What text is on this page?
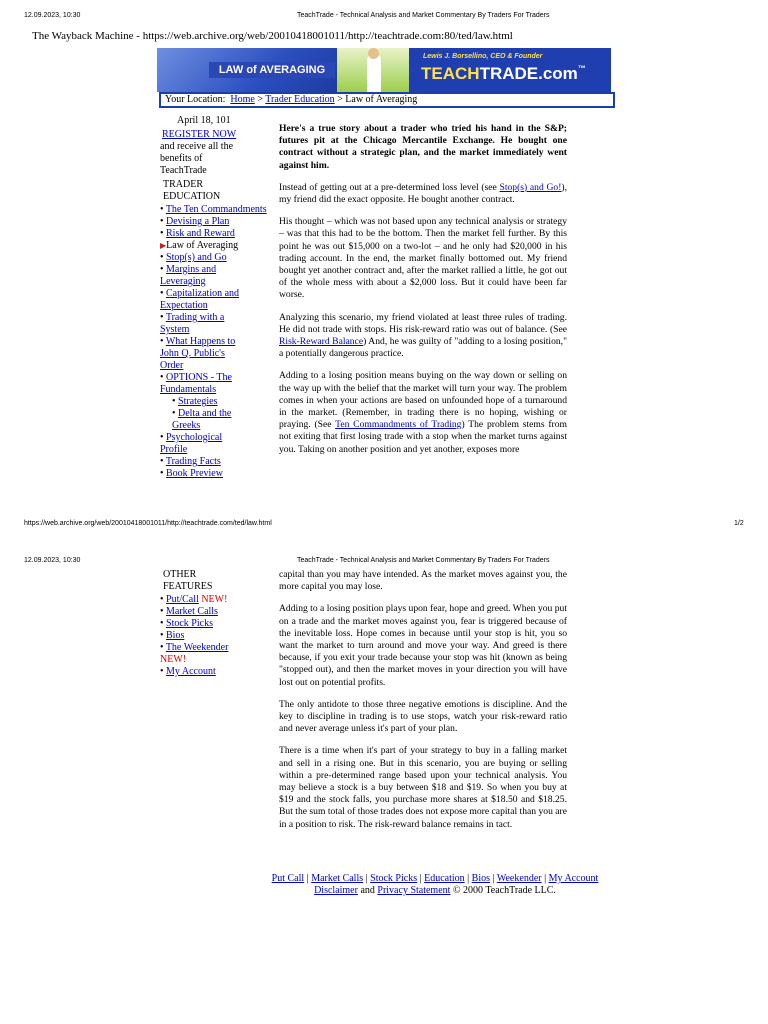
12.09.2023, 10:30	TeachTrade - Technical Analysis and Market Commentary By Traders For Traders
The Wayback Machine - https://web.archive.org/web/20010418001011/http://teachtrade.com:80/ted/law.html
LAW of AVERAGING
Lewis J. Borsellino, CEO & Founder
TEACHTRADE.com™
Your Location: Home > Trader Education > Law of Averaging
April 18, 101
REGISTER NOW
and receive all the benefits of TeachTrade
TRADER EDUCATION
• The Ten Commandments
• Devising a Plan
• Risk and Reward
▶Law of Averaging
• Stop(s) and Go
• Margins and Leveraging
• Capitalization and Expectation
• Trading with a System
• What Happens to John Q. Public's Order
• OPTIONS - The Fundamentals
• Strategies
• Delta and the Greeks
• Psychological Profile
• Trading Facts
• Book Preview

Here's a true story about a trader who tried his hand in the S&P; futures pit at the Chicago Mercantile Exchange. He bought one contract without a strategic plan, and the market immediately went against him.

Instead of getting out at a pre-determined loss level (see Stop(s) and Go!), my friend did the exact opposite. He bought another contract.

His thought – which was not based upon any technical analysis or strategy – was that this had to be the bottom. Then the market fell further. By this point he was out $15,000 on a two-lot – and he only had $20,000 in his trading account. In the end, the market finally bottomed out. My friend bought yet another contract and, after the market rallied a little, he got out of the whole mess with about a $2,000 loss. But it could have been far worse.

Analyzing this scenario, my friend violated at least three rules of trading. He did not trade with stops. His risk-reward ratio was out of balance. (See Risk-Reward Balance) And, he was guilty of "adding to a losing position," a potentially dangerous practice.

Adding to a losing position means buying on the way down or selling on the way up with the belief that the market will turn your way. The problem comes in when your actions are based on unfounded hope of a turnaround in the market. (Remember, in trading there is no hoping, wishing or praying. (See Ten Commandments of Trading) The problem stems from not exiting that first losing trade with a stop when the market turns against you. Taking on another position and yet another, exposes more

https://web.archive.org/web/20010418001011/http://teachtrade.com/ted/law.html	1/2
12.09.2023, 10:30	TeachTrade - Technical Analysis and Market Commentary By Traders For Traders
OTHER FEATURES
• Put/Call NEW!
• Market Calls
• Stock Picks
• Bios
• The Weekender
NEW!
• My Account

capital than you may have intended. As the market moves against you, the more capital you may lose.

Adding to a losing position plays upon fear, hope and greed. When you put on a trade and the market moves against you, fear is triggered because of the inevitable loss. Hope comes in because until your stop is hit, you so want the market to turn around and move your way. And greed is there because, if you exit your trade because your stop was hit (known as being "stopped out), and then the market moves in your direction you will have lost out on potential profits.

The only antidote to those three negative emotions is discipline. And the key to discipline in trading is to use stops, watch your risk-reward ratio and never average unless it's part of your plan.

There is a time when it's part of your strategy to buy in a falling market and sell in a rising one. But in this scenario, you are buying or selling within a pre-determined range based upon your technical analysis. You may believe a stock is a buy between $18 and $19. So when you buy at $19 and the stock falls, you purchase more shares at $18.50 and $18.25. But the sum total of those trades does not expose more capital than you are in a position to risk. The risk-reward balance remains in tact.

Put Call | Market Calls | Stock Picks | Education | Bios | Weekender | My Account
Disclaimer and Privacy Statement © 2000 TeachTrade LLC.
